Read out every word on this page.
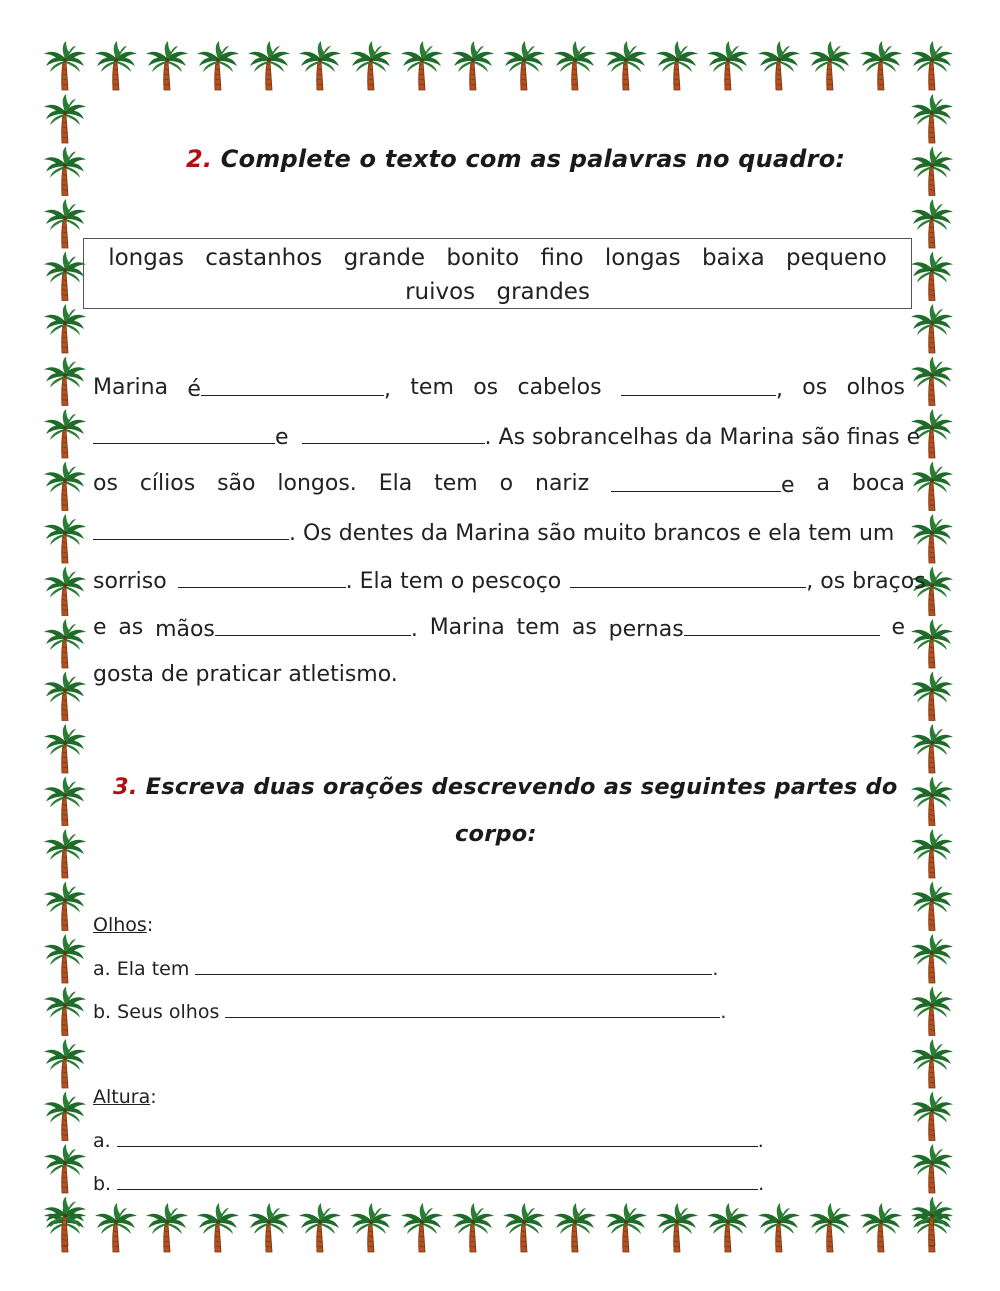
2. Complete o texto com as palavras no quadro:
longas castanhos grande bonito fino longas baixa pequeno
ruivos grandes
Marina é	, tem os cabelos	, os olhos
e	. As sobrancelhas da Marina são finas e
os cílios são longos. Ela tem o nariz	e a boca
. Os dentes da Marina são muito brancos e ela tem um
sorriso	. Ela tem o pescoço	, os braços
e as mãos	. Marina tem as pernas	e
gosta de praticar atletismo.
3. Escreva duas orações descrevendo as seguintes partes do
corpo:
Olhos:
a. Ela tem	.
b. Seus olhos	.
Altura:
a.	.
b.	.
